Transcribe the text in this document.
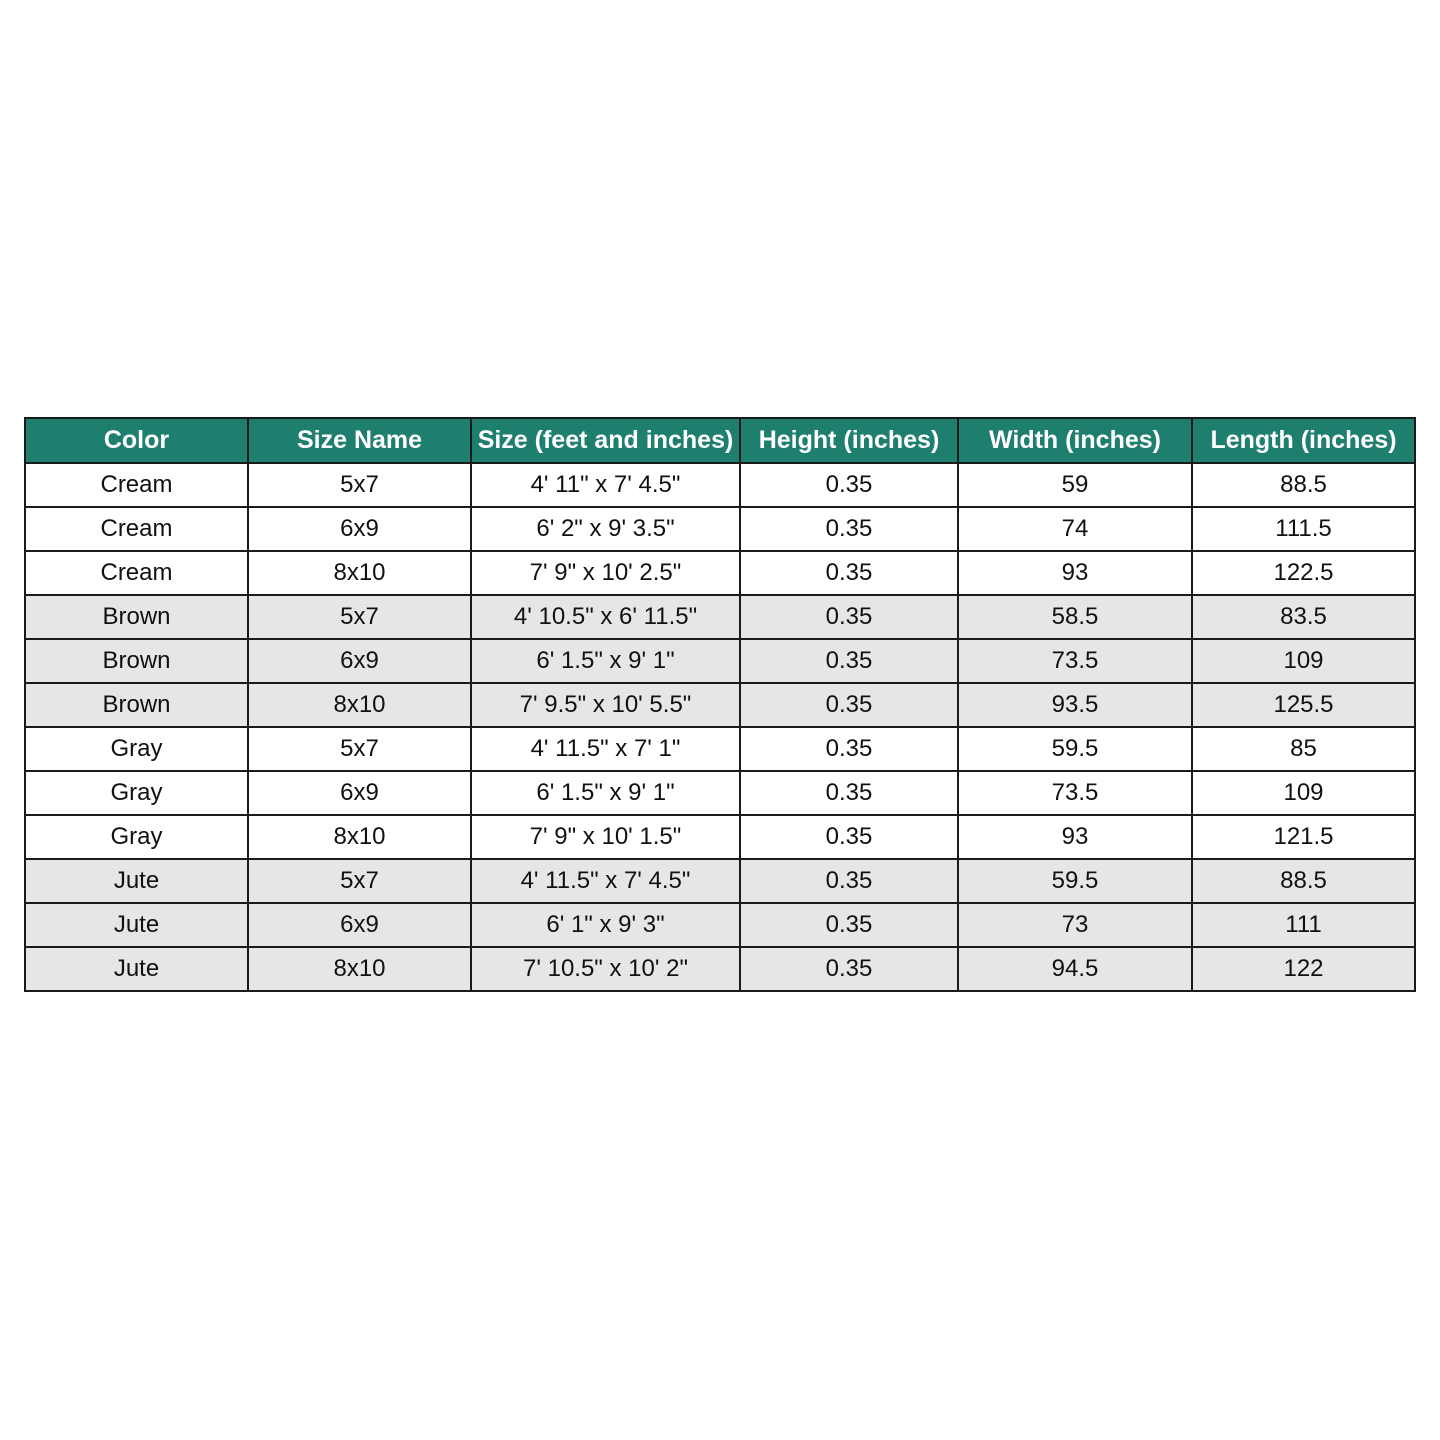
Color	Size Name	Size (feet and inches)	Height (inches)	Width (inches)	Length (inches)
Cream	5x7	4' 11" x 7' 4.5"	0.35	59	88.5
Cream	6x9	6' 2" x 9' 3.5"	0.35	74	111.5
Cream	8x10	7' 9" x 10' 2.5"	0.35	93	122.5
Brown	5x7	4' 10.5" x 6' 11.5"	0.35	58.5	83.5
Brown	6x9	6' 1.5" x 9' 1"	0.35	73.5	109
Brown	8x10	7' 9.5" x 10' 5.5"	0.35	93.5	125.5
Gray	5x7	4' 11.5" x 7' 1"	0.35	59.5	85
Gray	6x9	6' 1.5" x 9' 1"	0.35	73.5	109
Gray	8x10	7' 9" x 10' 1.5"	0.35	93	121.5
Jute	5x7	4' 11.5" x 7' 4.5"	0.35	59.5	88.5
Jute	6x9	6' 1" x 9' 3"	0.35	73	111
Jute	8x10	7' 10.5" x 10' 2"	0.35	94.5	122
